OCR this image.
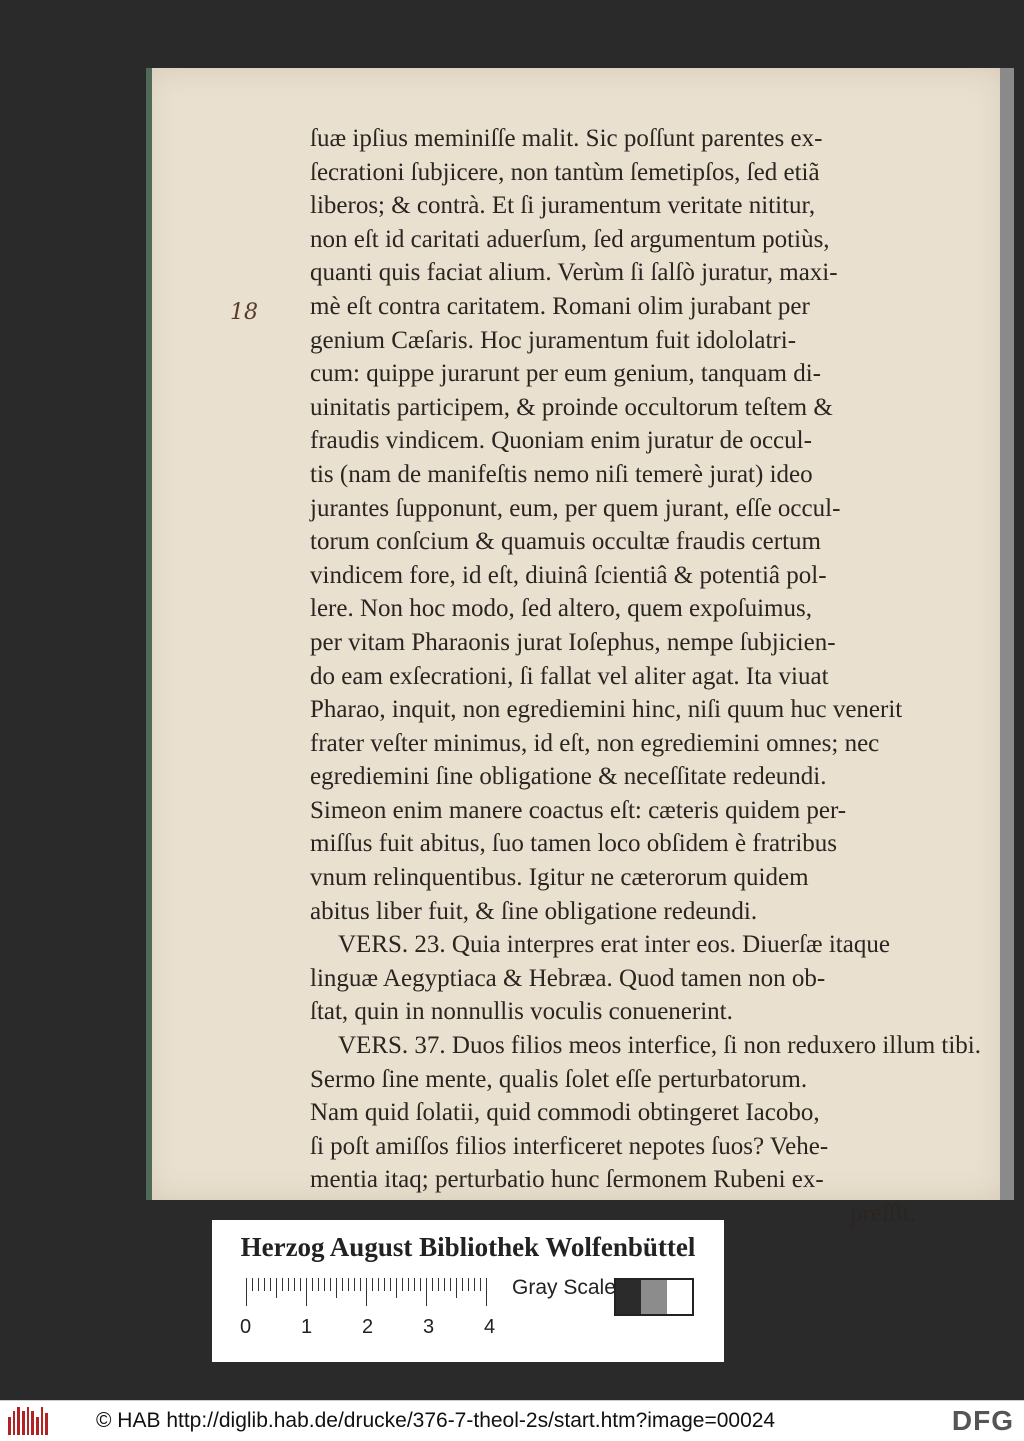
18
ſuæ ipſius meminiſſe malit. Sic poſſunt parentes ex-
ſecrationi ſubjicere, non tantùm ſemetipſos, ſed etiã
liberos; & contrà. Et ſi juramentum veritate nititur,
non eſt id caritati aduerſum, ſed argumentum potiùs,
quanti quis faciat alium. Verùm ſi ſalſò juratur, maxi-
mè eſt contra caritatem. Romani olim jurabant per
genium Cæſaris. Hoc juramentum fuit idololatri-
cum: quippe jurarunt per eum genium, tanquam di-
uinitatis participem, & proinde occultorum teſtem &
fraudis vindicem. Quoniam enim juratur de occul-
tis (nam de manifeſtis nemo niſi temerè jurat) ideo
jurantes ſupponunt, eum, per quem jurant, eſſe occul-
torum conſcium & quamuis occultæ fraudis certum
vindicem fore, id eſt, diuinâ ſcientiâ & potentiâ pol-
lere. Non hoc modo, ſed altero, quem expoſuimus,
per vitam Pharaonis jurat Ioſephus, nempe ſubjicien-
do eam exſecrationi, ſi fallat vel aliter agat. Ita viuat
Pharao, inquit, non egrediemini hinc, niſi quum huc venerit
frater veſter minimus, id eſt, non egrediemini omnes; nec
egrediemini ſine obligatione & neceſſitate redeundi.
Simeon enim manere coactus eſt: cæteris quidem per-
miſſus fuit abitus, ſuo tamen loco obſidem è fratribus
vnum relinquentibus. Igitur ne cæterorum quidem
abitus liber fuit, & ſine obligatione redeundi.
VERS. 23. Quia interpres erat inter eos. Diuerſæ itaque
linguæ Aegyptiaca & Hebræa. Quod tamen non ob-
ſtat, quin in nonnullis voculis conuenerint.
VERS. 37. Duos filios meos interfice, ſi non reduxero illum tibi.
Sermo ſine mente, qualis ſolet eſſe perturbatorum.
Nam quid ſolatii, quid commodi obtingeret Iacobo,
ſi poſt amiſſos filios interficeret nepotes ſuos? Vehe-
mentia itaq; perturbatio hunc ſermonem Rubeni ex-
preſſit.
Herzog August Bibliothek Wolfenbüttel
0 1 2 3 4
Gray Scale
© HAB http://diglib.hab.de/drucke/376-7-theol-2s/start.htm?image=00024	DFG
